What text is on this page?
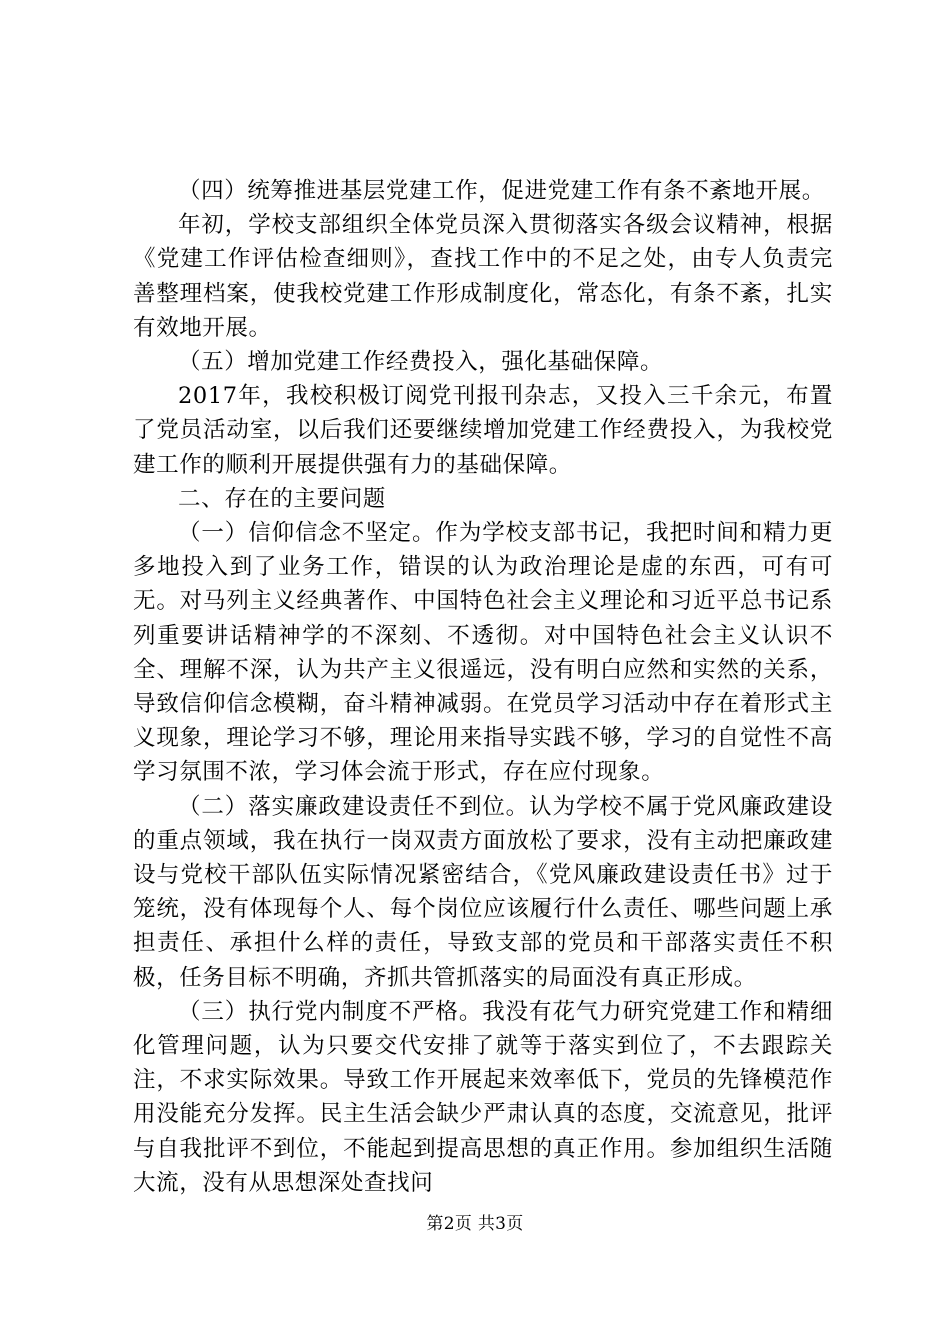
（四）统筹推进基层党建工作，促进党建工作有条不紊地开展。

年初，学校支部组织全体党员深入贯彻落实各级会议精神，根据《党建工作评估检查细则》，查找工作中的不足之处，由专人负责完善整理档案，使我校党建工作形成制度化，常态化，有条不紊，扎实有效地开展。

（五）增加党建工作经费投入，强化基础保障。

2017年，我校积极订阅党刊报刊杂志，又投入三千余元，布置了党员活动室，以后我们还要继续增加党建工作经费投入，为我校党建工作的顺利开展提供强有力的基础保障。

二、存在的主要问题

（一）信仰信念不坚定。作为学校支部书记，我把时间和精力更多地投入到了业务工作，错误的认为政治理论是虚的东西，可有可无。对马列主义经典著作、中国特色社会主义理论和习近平总书记系列重要讲话精神学的不深刻、不透彻。对中国特色社会主义认识不全、理解不深，认为共产主义很遥远，没有明白应然和实然的关系，导致信仰信念模糊，奋斗精神减弱。在党员学习活动中存在着形式主义现象，理论学习不够，理论用来指导实践不够，学习的自觉性不高学习氛围不浓，学习体会流于形式，存在应付现象。

（二）落实廉政建设责任不到位。认为学校不属于党风廉政建设的重点领域，我在执行一岗双责方面放松了要求，没有主动把廉政建设与党校干部队伍实际情况紧密结合，《党风廉政建设责任书》过于笼统，没有体现每个人、每个岗位应该履行什么责任、哪些问题上承担责任、承担什么样的责任，导致支部的党员和干部落实责任不积极，任务目标不明确，齐抓共管抓落实的局面没有真正形成。

（三）执行党内制度不严格。我没有花气力研究党建工作和精细化管理问题，认为只要交代安排了就等于落实到位了，不去跟踪关注，不求实际效果。导致工作开展起来效率低下，党员的先锋模范作用没能充分发挥。民主生活会缺少严肃认真的态度，交流意见，批评与自我批评不到位，不能起到提高思想的真正作用。参加组织生活随大流，没有从思想深处查找问

第2页 共3页
